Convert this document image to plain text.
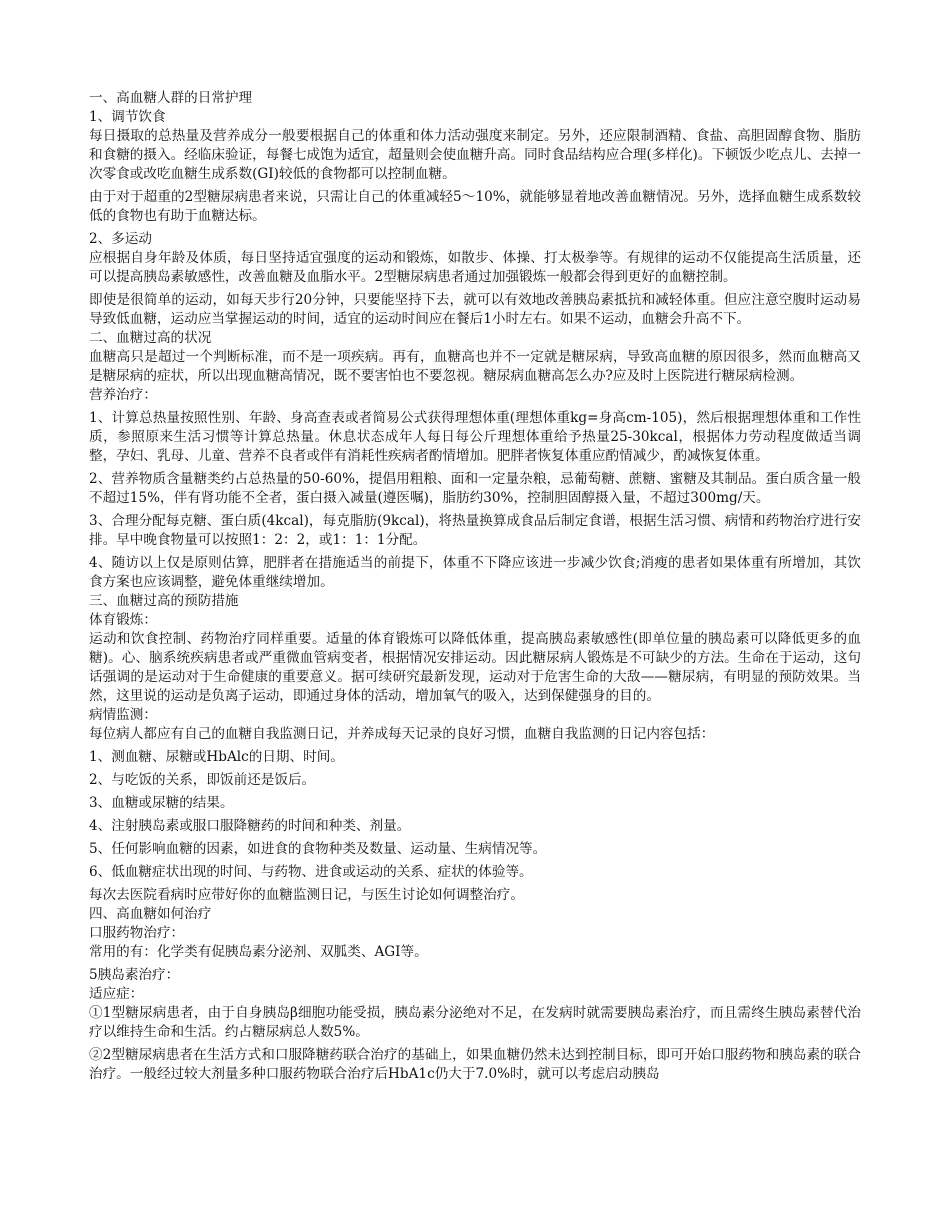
一、高血糖人群的日常护理

1、调节饮食

每日摄取的总热量及营养成分一般要根据自己的体重和体力活动强度来制定。另外，还应限制酒精、食盐、高胆固醇食物、脂肪和食糖的摄入。经临床验证，每餐七成饱为适宜，超量则会使血糖升高。同时食品结构应合理(多样化)。下顿饭少吃点儿、去掉一次零食或改吃血糖生成系数(GI)较低的食物都可以控制血糖。

由于对于超重的2型糖尿病患者来说，只需让自己的体重减轻5～10%，就能够显着地改善血糖情况。另外，选择血糖生成系数较低的食物也有助于血糖达标。

2、多运动

应根据自身年龄及体质，每日坚持适宜强度的运动和锻炼，如散步、体操、打太极拳等。有规律的运动不仅能提高生活质量，还可以提高胰岛素敏感性，改善血糖及血脂水平。2型糖尿病患者通过加强锻炼一般都会得到更好的血糖控制。

即使是很简单的运动，如每天步行20分钟，只要能坚持下去，就可以有效地改善胰岛素抵抗和减轻体重。但应注意空腹时运动易导致低血糖，运动应当掌握运动的时间，适宜的运动时间应在餐后1小时左右。如果不运动，血糖会升高不下。

二、血糖过高的状况

血糖高只是超过一个判断标准，而不是一项疾病。再有，血糖高也并不一定就是糖尿病，导致高血糖的原因很多，然而血糖高又是糖尿病的症状，所以出现血糖高情况，既不要害怕也不要忽视。糖尿病血糖高怎么办?应及时上医院进行糖尿病检测。

营养治疗：

1、计算总热量按照性别、年龄、身高查表或者简易公式获得理想体重(理想体重kg=身高cm-105)，然后根据理想体重和工作性质，参照原来生活习惯等计算总热量。休息状态成年人每日每公斤理想体重给予热量25-30kcal，根据体力劳动程度做适当调整，孕妇、乳母、儿童、营养不良者或伴有消耗性疾病者酌情增加。肥胖者恢复体重应酌情减少，酌减恢复体重。

2、营养物质含量糖类约占总热量的50-60%，提倡用粗粮、面和一定量杂粮，忌葡萄糖、蔗糖、蜜糖及其制品。蛋白质含量一般不超过15%，伴有肾功能不全者，蛋白摄入减量(遵医嘱)，脂肪约30%，控制胆固醇摄入量，不超过300mg/天。

3、合理分配每克糖、蛋白质(4kcal)，每克脂肪(9kcal)，将热量换算成食品后制定食谱，根据生活习惯、病情和药物治疗进行安排。早中晚食物量可以按照1：2：2，或1：1：1分配。

4、随访以上仅是原则估算，肥胖者在措施适当的前提下，体重不下降应该进一步减少饮食;消瘦的患者如果体重有所增加，其饮食方案也应该调整，避免体重继续增加。

三、血糖过高的预防措施

体育锻炼：

运动和饮食控制、药物治疗同样重要。适量的体育锻炼可以降低体重，提高胰岛素敏感性(即单位量的胰岛素可以降低更多的血糖)。心、脑系统疾病患者或严重微血管病变者，根据情况安排运动。因此糖尿病人锻炼是不可缺少的方法。生命在于运动，这句话强调的是运动对于生命健康的重要意义。据可续研究最新发现，运动对于危害生命的大敌——糖尿病，有明显的预防效果。当然，这里说的运动是负离子运动，即通过身体的活动，增加氧气的吸入，达到保健强身的目的。

病情监测：

每位病人都应有自己的血糖自我监测日记，并养成每天记录的良好习惯，血糖自我监测的日记内容包括：

1、测血糖、尿糖或HbAlc的日期、时间。

2、与吃饭的关系，即饭前还是饭后。

3、血糖或尿糖的结果。

4、注射胰岛素或服口服降糖药的时间和种类、剂量。

5、任何影响血糖的因素，如进食的食物种类及数量、运动量、生病情况等。

6、低血糖症状出现的时间、与药物、进食或运动的关系、症状的体验等。

每次去医院看病时应带好你的血糖监测日记，与医生讨论如何调整治疗。

四、高血糖如何治疗

口服药物治疗：

常用的有：化学类有促胰岛素分泌剂、双胍类、AGI等。

5胰岛素治疗：

适应症：

①1型糖尿病患者，由于自身胰岛β细胞功能受损，胰岛素分泌绝对不足，在发病时就需要胰岛素治疗，而且需终生胰岛素替代治疗以维持生命和生活。约占糖尿病总人数5%。

②2型糖尿病患者在生活方式和口服降糖药联合治疗的基础上，如果血糖仍然未达到控制目标，即可开始口服药物和胰岛素的联合治疗。一般经过较大剂量多种口服药物联合治疗后HbA1c仍大于7.0%时，就可以考虑启动胰岛
